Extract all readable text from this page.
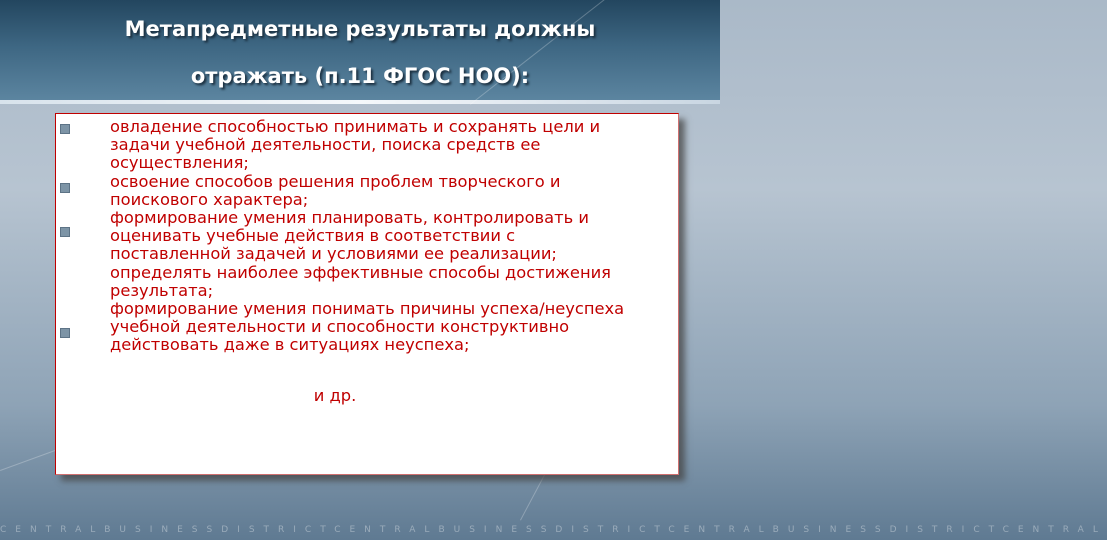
Метапредметные результаты должны
отражать (п.11 ФГОС НОО):
овладение способностью принимать и сохранять цели и
задачи учебной деятельности, поиска средств ее
осуществления;
освоение способов решения проблем творческого и
поискового характера;
формирование умения планировать, контролировать и
оценивать учебные действия в соответствии с
поставленной задачей и условиями ее реализации;
определять наиболее эффективные способы достижения
результата;
формирование умения понимать причины успеха/неуспеха
учебной деятельности и способности конструктивно
действовать даже в ситуациях неуспеха;
и др.
CENTRALBUSINESSDISTRICTCENTRALBUSINESSDISTRICTCENTRALBUSINESSDISTRICTCENTRAL
